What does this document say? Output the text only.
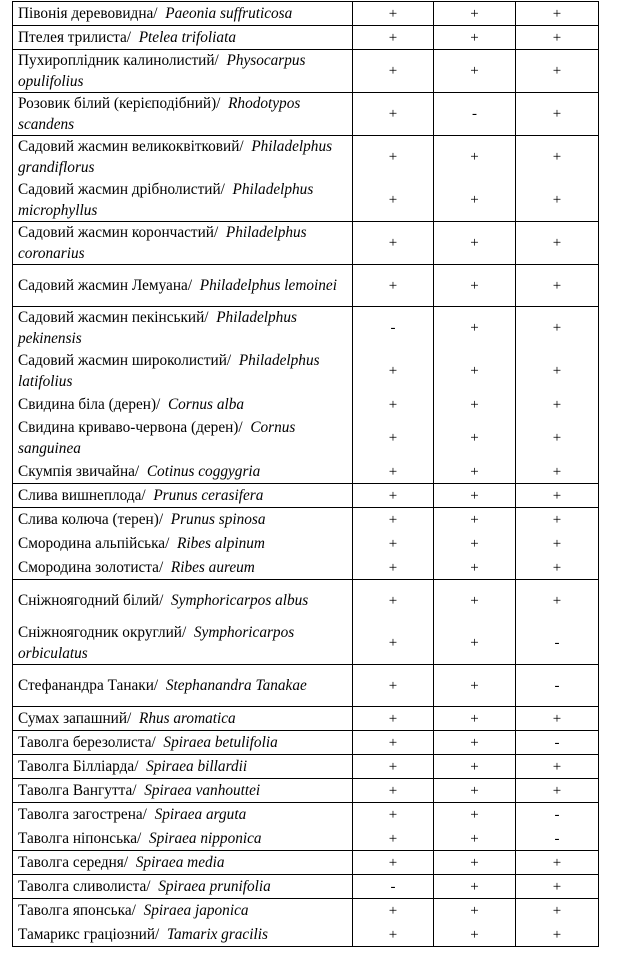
Півонія деревовидна/ Paeonia suffruticosa	+	+	+
Птелея трилиста/ Ptelea trifoliata	+	+	+
Пухироплідник калинолистий/ Physocarpus opulifolius	+	+	+
Розовик білий (керієподібний)/ Rhodotypos scandens	+	-	+
Садовий жасмин великоквітковий/ Philadelphus grandiflorus	+	+	+
Садовий жасмин дрібнолистий/ Philadelphus microphyllus	+	+	+
Садовий жасмин корончастий/ Philadelphus coronarius	+	+	+
Садовий жасмин Лемуана/ Philadelphus lemoinei	+	+	+
Садовий жасмин пекінський/ Philadelphus pekinensis	-	+	+
Садовий жасмин широколистий/ Philadelphus latifolius	+	+	+
Свидина біла (дерен)/ Cornus alba	+	+	+
Свидина криваво-червона (дерен)/ Cornus sanguinea	+	+	+
Скумпія звичайна/ Cotinus coggygria	+	+	+
Слива вишнеплода/ Prunus cerasifera	+	+	+
Слива колюча (терен)/ Prunus spinosa	+	+	+
Смородина альпійська/ Ribes alpinum	+	+	+
Смородина золотиста/ Ribes aureum	+	+	+
Сніжноягодний білий/ Symphoricarpos albus	+	+	+
Сніжноягодник округлий/ Symphoricarpos orbiculatus	+	+	-
Стефанандра Танаки/ Stephanandra Tanakae	+	+	-
Сумах запашний/ Rhus aromatica	+	+	+
Таволга березолиста/ Spiraea betulifolia	+	+	-
Таволга Білліарда/ Spiraea billardii	+	+	+
Таволга Вангутта/ Spiraea vanhouttei	+	+	+
Таволга загострена/ Spiraea arguta	+	+	-
Таволга ніпонська/ Spiraea nipponica	+	+	-
Таволга середня/ Spiraea media	+	+	+
Таволга сливолиста/ Spiraea prunifolia	-	+	+
Таволга японська/ Spiraea japonica	+	+	+
Тамарикс граціозний/ Tamarix gracilis	+	+	+
